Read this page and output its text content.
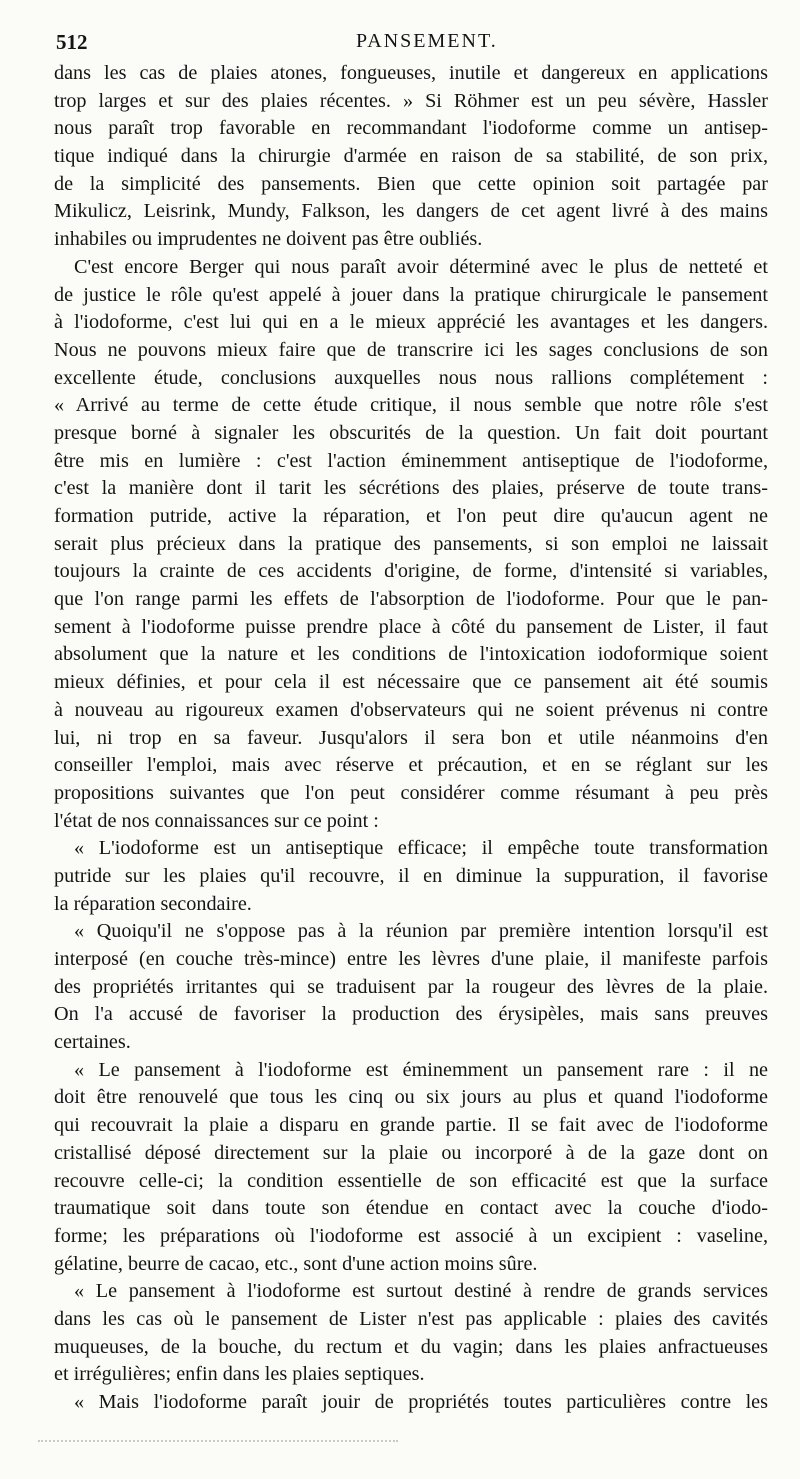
512	PANSEMENT.
dans les cas de plaies atones, fongueuses, inutile et dangereux en applications
trop larges et sur des plaies récentes. » Si Röhmer est un peu sévère, Hassler
nous paraît trop favorable en recommandant l'iodoforme comme un antisep-
tique indiqué dans la chirurgie d'armée en raison de sa stabilité, de son prix,
de la simplicité des pansements. Bien que cette opinion soit partagée par
Mikulicz, Leisrink, Mundy, Falkson, les dangers de cet agent livré à des mains
inhabiles ou imprudentes ne doivent pas être oubliés.
C'est encore Berger qui nous paraît avoir déterminé avec le plus de netteté et
de justice le rôle qu'est appelé à jouer dans la pratique chirurgicale le pansement
à l'iodoforme, c'est lui qui en a le mieux apprécié les avantages et les dangers.
Nous ne pouvons mieux faire que de transcrire ici les sages conclusions de son
excellente étude, conclusions auxquelles nous nous rallions complétement :
« Arrivé au terme de cette étude critique, il nous semble que notre rôle s'est
presque borné à signaler les obscurités de la question. Un fait doit pourtant
être mis en lumière : c'est l'action éminemment antiseptique de l'iodoforme,
c'est la manière dont il tarit les sécrétions des plaies, préserve de toute trans-
formation putride, active la réparation, et l'on peut dire qu'aucun agent ne
serait plus précieux dans la pratique des pansements, si son emploi ne laissait
toujours la crainte de ces accidents d'origine, de forme, d'intensité si variables,
que l'on range parmi les effets de l'absorption de l'iodoforme. Pour que le pan-
sement à l'iodoforme puisse prendre place à côté du pansement de Lister, il faut
absolument que la nature et les conditions de l'intoxication iodoformique soient
mieux définies, et pour cela il est nécessaire que ce pansement ait été soumis
à nouveau au rigoureux examen d'observateurs qui ne soient prévenus ni contre
lui, ni trop en sa faveur. Jusqu'alors il sera bon et utile néanmoins d'en
conseiller l'emploi, mais avec réserve et précaution, et en se réglant sur les
propositions suivantes que l'on peut considérer comme résumant à peu près
l'état de nos connaissances sur ce point :
« L'iodoforme est un antiseptique efficace; il empêche toute transformation
putride sur les plaies qu'il recouvre, il en diminue la suppuration, il favorise
la réparation secondaire.
« Quoiqu'il ne s'oppose pas à la réunion par première intention lorsqu'il est
interposé (en couche très-mince) entre les lèvres d'une plaie, il manifeste parfois
des propriétés irritantes qui se traduisent par la rougeur des lèvres de la plaie.
On l'a accusé de favoriser la production des érysipèles, mais sans preuves
certaines.
« Le pansement à l'iodoforme est éminemment un pansement rare : il ne
doit être renouvelé que tous les cinq ou six jours au plus et quand l'iodoforme
qui recouvrait la plaie a disparu en grande partie. Il se fait avec de l'iodoforme
cristallisé déposé directement sur la plaie ou incorporé à de la gaze dont on
recouvre celle-ci; la condition essentielle de son efficacité est que la surface
traumatique soit dans toute son étendue en contact avec la couche d'iodo-
forme; les préparations où l'iodoforme est associé à un excipient : vaseline,
gélatine, beurre de cacao, etc., sont d'une action moins sûre.
« Le pansement à l'iodoforme est surtout destiné à rendre de grands services
dans les cas où le pansement de Lister n'est pas applicable : plaies des cavités
muqueuses, de la bouche, du rectum et du vagin; dans les plaies anfractueuses
et irrégulières; enfin dans les plaies septiques.
« Mais l'iodoforme paraît jouir de propriétés toutes particulières contre les
